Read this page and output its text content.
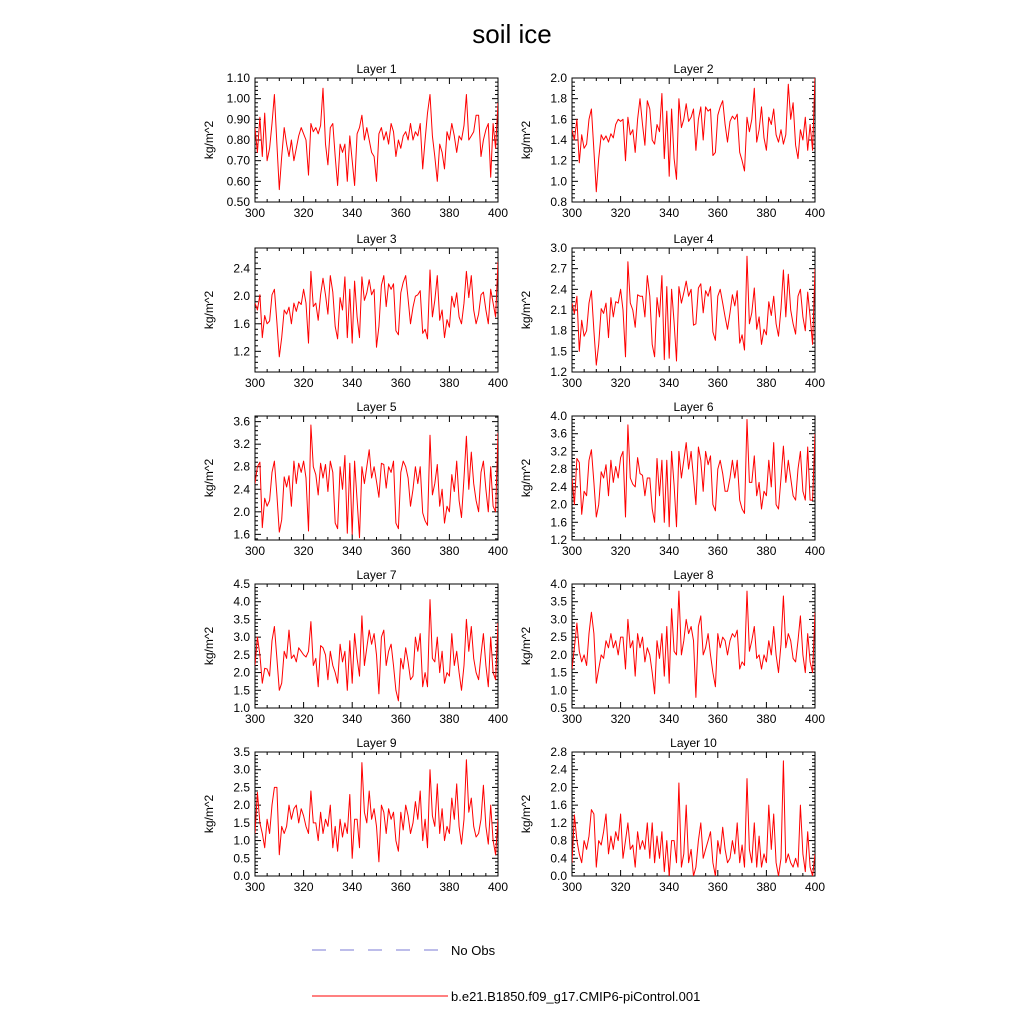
soil ice
Layer 1
kg/m^2
300 320 340 360 380 400
0.50
0.60
0.70
0.80
0.90
1.00
1.10
Layer 2
kg/m^2
300 320 340 360 380 400
0.8
1.0
1.2
1.4
1.6
1.8
2.0
Layer 3
kg/m^2
300 320 340 360 380 400
1.2
1.6
2.0
2.4
Layer 4
kg/m^2
300 320 340 360 380 400
1.2
1.5
1.8
2.1
2.4
2.7
3.0
Layer 5
kg/m^2
300 320 340 360 380 400
1.6
2.0
2.4
2.8
3.2
3.6
Layer 6
kg/m^2
300 320 340 360 380 400
1.2
1.6
2.0
2.4
2.8
3.2
3.6
4.0
Layer 7
kg/m^2
300 320 340 360 380 400
1.0
1.5
2.0
2.5
3.0
3.5
4.0
4.5
Layer 8
kg/m^2
300 320 340 360 380 400
0.5
1.0
1.5
2.0
2.5
3.0
3.5
4.0
Layer 9
kg/m^2
300 320 340 360 380 400
0.0
0.5
1.0
1.5
2.0
2.5
3.0
3.5
Layer 10
kg/m^2
300 320 340 360 380 400
0.0
0.4
0.8
1.2
1.6
2.0
2.4
2.8
No Obs
b.e21.B1850.f09_g17.CMIP6-piControl.001
